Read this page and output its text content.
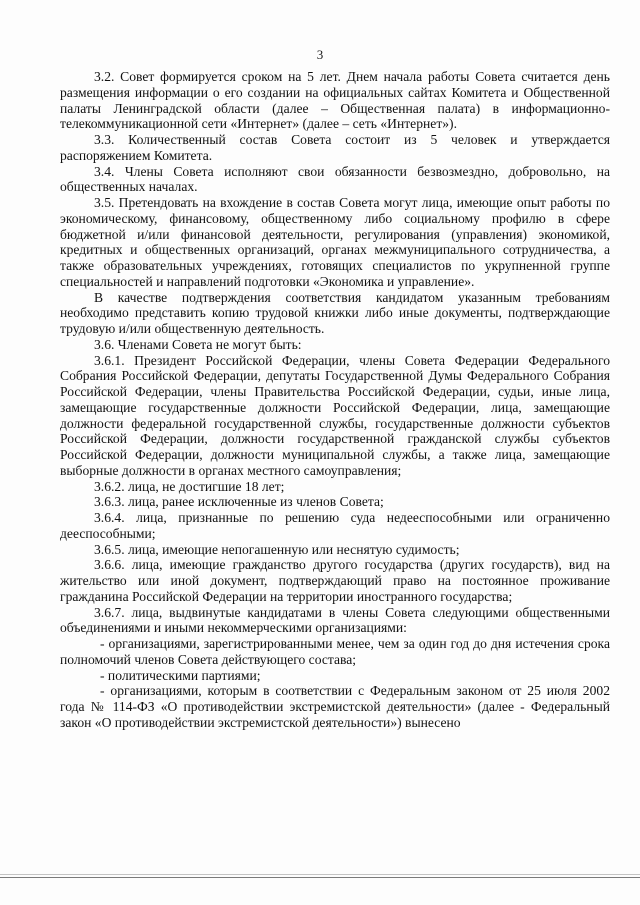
3

3.2. Совет формируется сроком на 5 лет. Днем начала работы Совета считается день размещения информации о его создании на официальных сайтах Комитета и Общественной палаты Ленинградской области (далее – Общественная палата) в информационно-телекоммуникационной сети «Интернет» (далее – сеть «Интернет»).

3.3. Количественный состав Совета состоит из 5 человек и утверждается распоряжением Комитета.

3.4. Члены Совета исполняют свои обязанности безвозмездно, добровольно, на общественных началах.

3.5. Претендовать на вхождение в состав Совета могут лица, имеющие опыт работы по экономическому, финансовому, общественному либо социальному профилю в сфере бюджетной и/или финансовой деятельности, регулирования (управления) экономикой, кредитных и общественных организаций, органах межмуниципального сотрудничества, а также образовательных учреждениях, готовящих специалистов по укрупненной группе специальностей и направлений подготовки «Экономика и управление».

В качестве подтверждения соответствия кандидатом указанным требованиям необходимо представить копию трудовой книжки либо иные документы, подтверждающие трудовую и/или общественную деятельность.

3.6. Членами Совета не могут быть:

3.6.1. Президент Российской Федерации, члены Совета Федерации Федерального Собрания Российской Федерации, депутаты Государственной Думы Федерального Собрания Российской Федерации, члены Правительства Российской Федерации, судьи, иные лица, замещающие государственные должности Российской Федерации, лица, замещающие должности федеральной государственной службы, государственные должности субъектов Российской Федерации, должности государственной гражданской службы субъектов Российской Федерации, должности муниципальной службы, а также лица, замещающие выборные должности в органах местного самоуправления;

3.6.2. лица, не достигшие 18 лет;

3.6.3. лица, ранее исключенные из членов Совета;

3.6.4. лица, признанные по решению суда недееспособными или ограниченно дееспособными;

3.6.5. лица, имеющие непогашенную или неснятую судимость;

3.6.6. лица, имеющие гражданство другого государства (других государств), вид на жительство или иной документ, подтверждающий право на постоянное проживание гражданина Российской Федерации на территории иностранного государства;

3.6.7. лица, выдвинутые кандидатами в члены Совета следующими общественными объединениями и иными некоммерческими организациями:

- организациями, зарегистрированными менее, чем за один год до дня истечения срока полномочий членов Совета действующего состава;

- политическими партиями;

- организациями, которым в соответствии с Федеральным законом от 25 июля 2002 года № 114-ФЗ «О противодействии экстремистской деятельности» (далее - Федеральный закон «О противодействии экстремистской деятельности») вынесено
